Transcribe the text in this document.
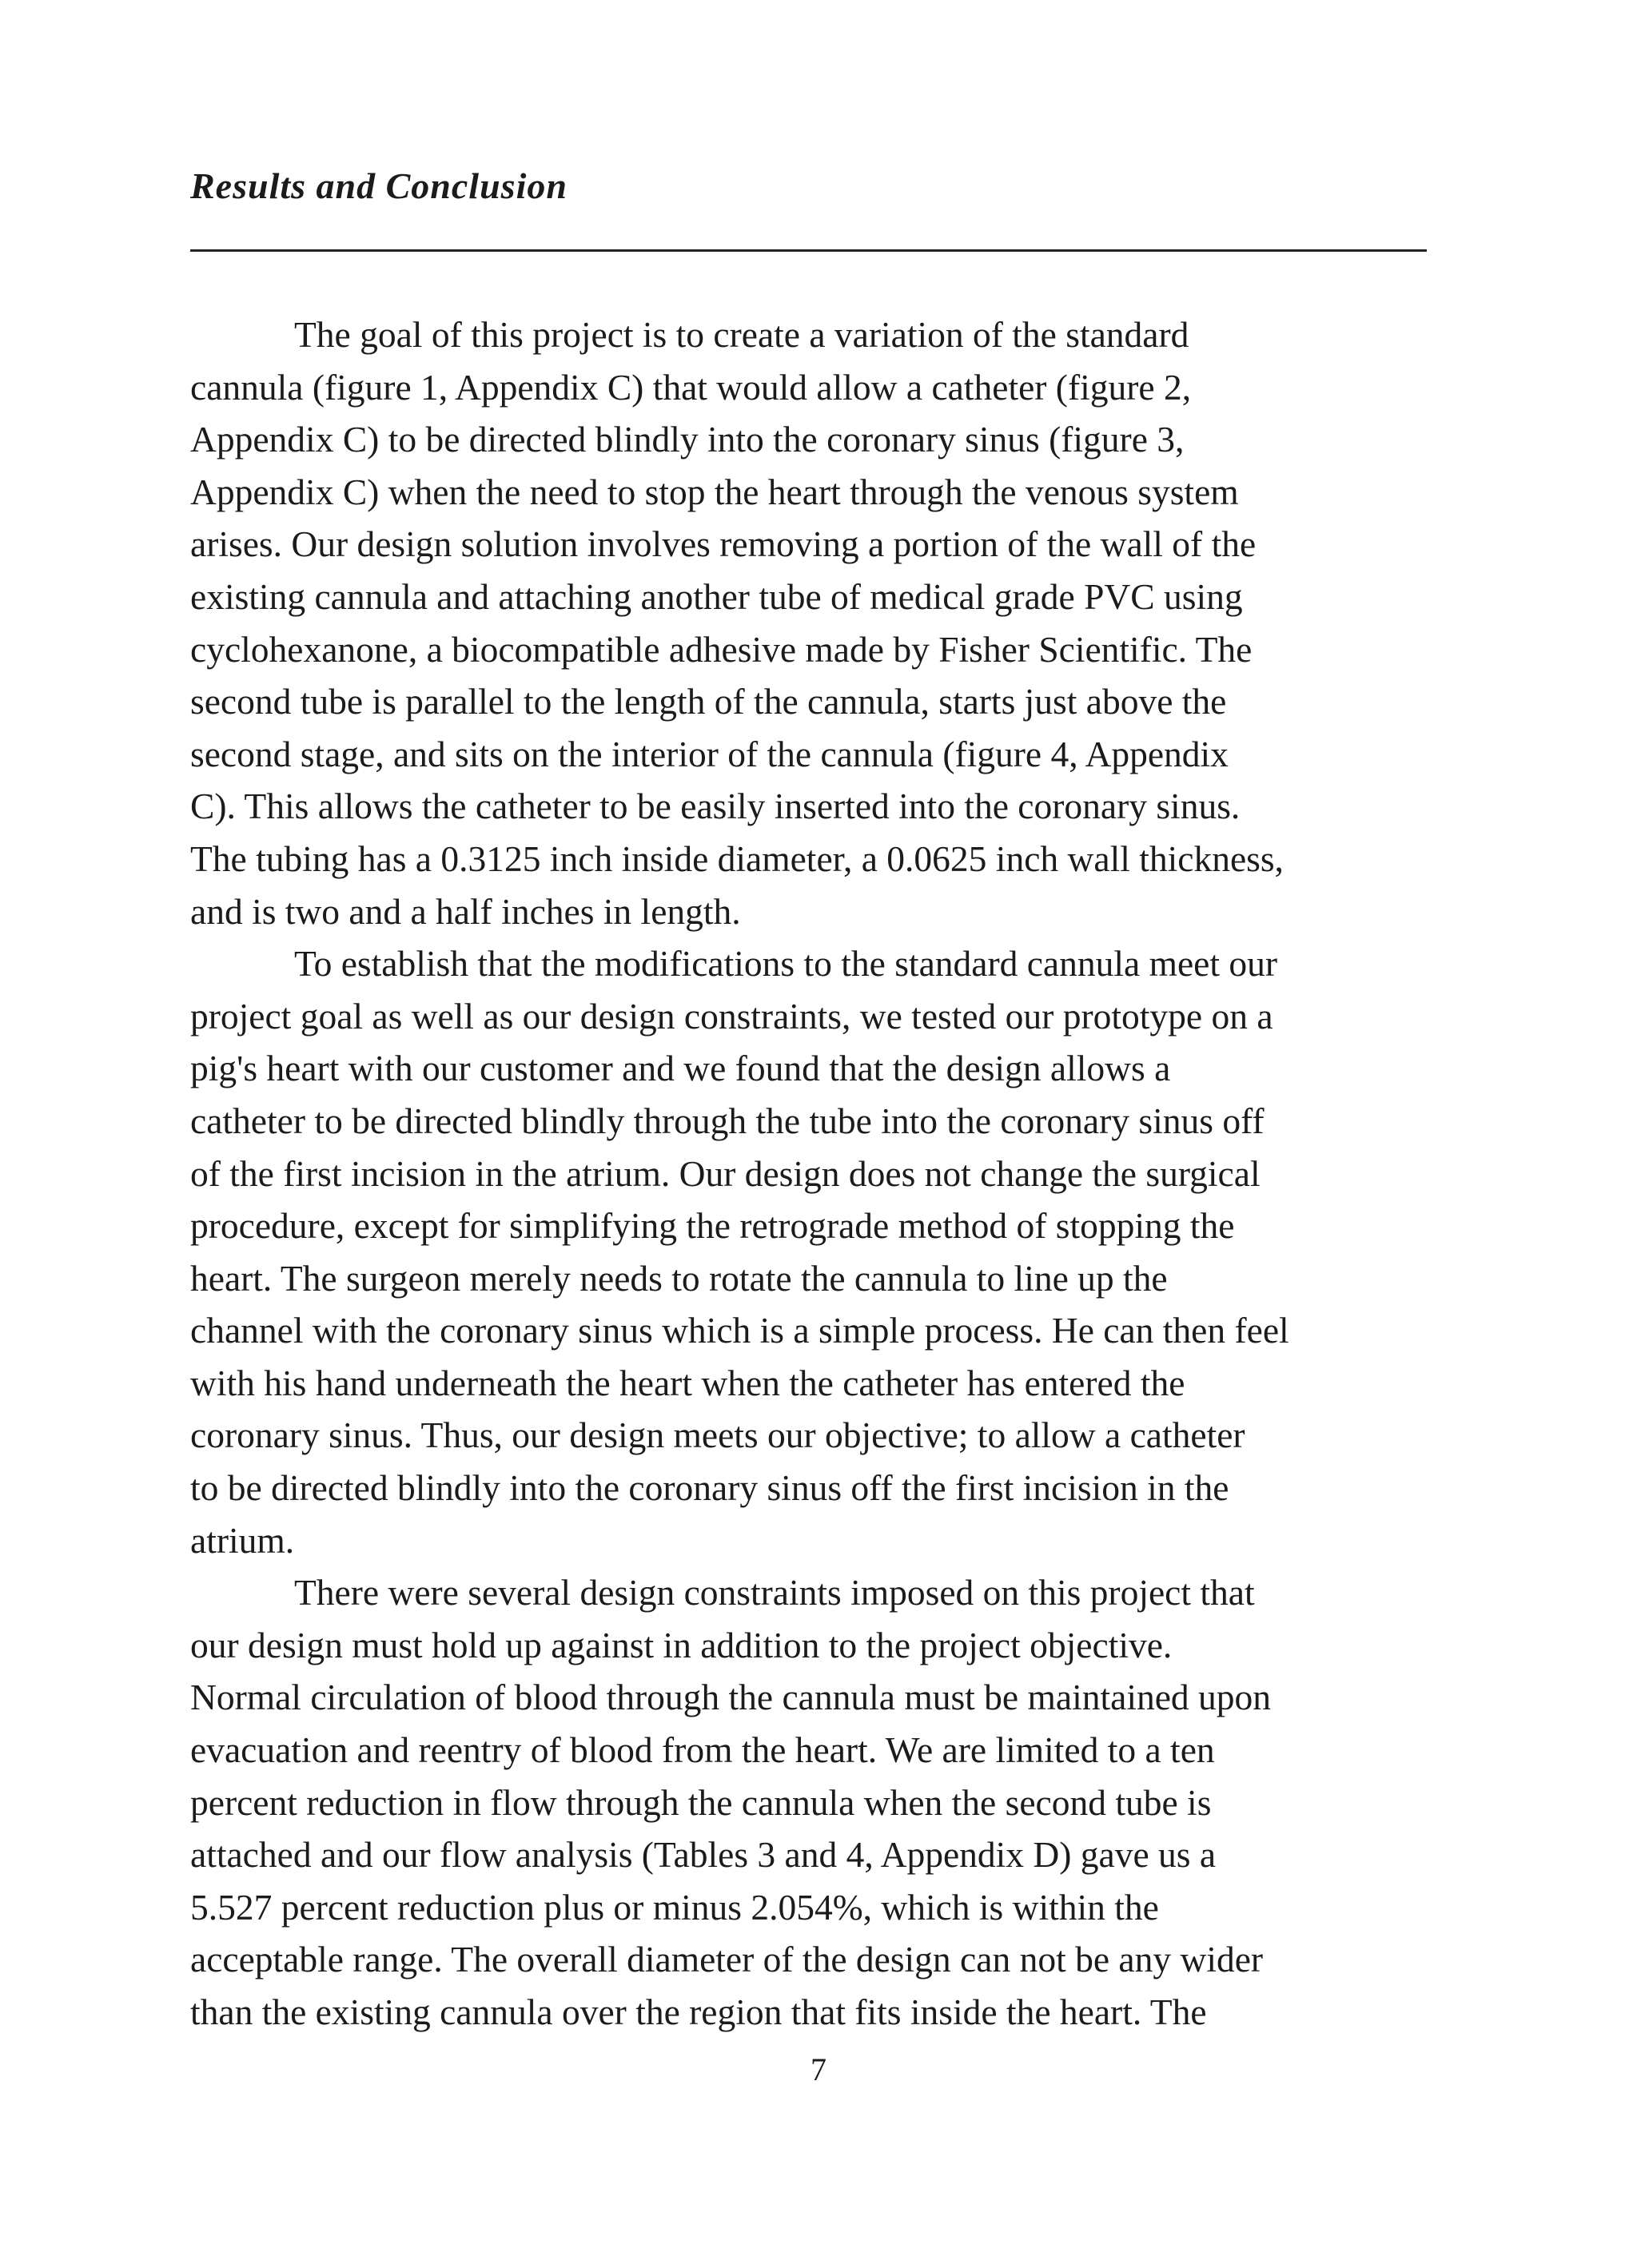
Results and Conclusion
The goal of this project is to create a variation of the standard
cannula (figure 1, Appendix C) that would allow a catheter (figure 2,
Appendix C) to be directed blindly into the coronary sinus (figure 3,
Appendix C) when the need to stop the heart through the venous system
arises. Our design solution involves removing a portion of the wall of the
existing cannula and attaching another tube of medical grade PVC using
cyclohexanone, a biocompatible adhesive made by Fisher Scientific. The
second tube is parallel to the length of the cannula, starts just above the
second stage, and sits on the interior of the cannula (figure 4, Appendix
C). This allows the catheter to be easily inserted into the coronary sinus.
The tubing has a 0.3125 inch inside diameter, a 0.0625 inch wall thickness,
and is two and a half inches in length.
To establish that the modifications to the standard cannula meet our
project goal as well as our design constraints, we tested our prototype on a
pig's heart with our customer and we found that the design allows a
catheter to be directed blindly through the tube into the coronary sinus off
of the first incision in the atrium. Our design does not change the surgical
procedure, except for simplifying the retrograde method of stopping the
heart. The surgeon merely needs to rotate the cannula to line up the
channel with the coronary sinus which is a simple process. He can then feel
with his hand underneath the heart when the catheter has entered the
coronary sinus. Thus, our design meets our objective; to allow a catheter
to be directed blindly into the coronary sinus off the first incision in the
atrium.
There were several design constraints imposed on this project that
our design must hold up against in addition to the project objective.
Normal circulation of blood through the cannula must be maintained upon
evacuation and reentry of blood from the heart. We are limited to a ten
percent reduction in flow through the cannula when the second tube is
attached and our flow analysis (Tables 3 and 4, Appendix D) gave us a
5.527 percent reduction plus or minus 2.054%, which is within the
acceptable range. The overall diameter of the design can not be any wider
than the existing cannula over the region that fits inside the heart. The
7
